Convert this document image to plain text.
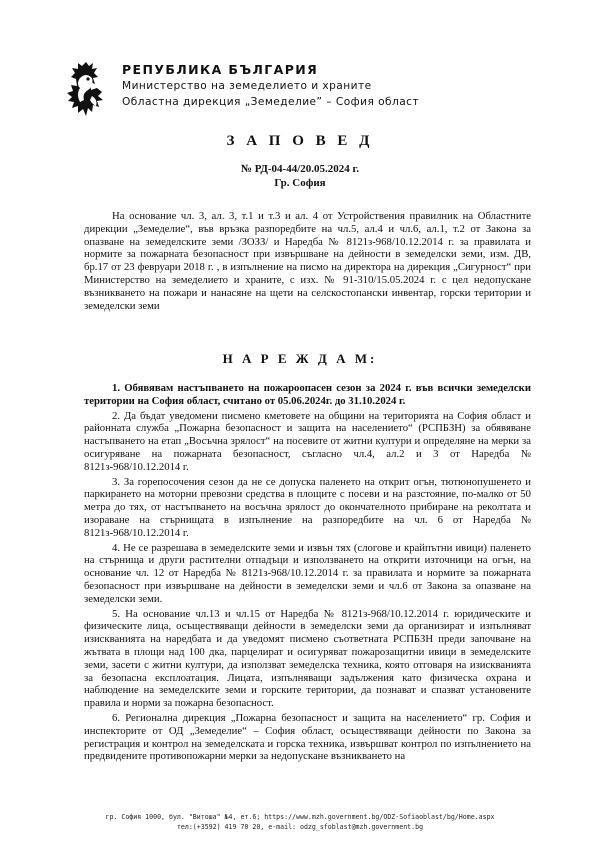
РЕПУБЛИКА БЪЛГАРИЯ
Министерство на земеделието и храните
Областна дирекция „Земеделие” – София област
З А П О В Е Д
№ РД-04-44/20.05.2024 г.
Гр. София

На основание чл. 3, ал. 3, т.1 и т.3 и ал. 4 от Устройствения правилник на Областните дирекции „Земеделие“, във връзка разпоредбите на чл.5, ал.4 и чл.6, ал.1, т.2 от Закона за опазване на земеделските земи /ЗОЗЗ/ и Наредба № 8121з-968/10.12.2014 г. за правилата и нормите за пожарната безопасност при извършване на дейности в земеделски земи, изм. ДВ, бр.17 от 23 февруари 2018 г. , в изпълнение на писмо на директора на дирекция „Сигурност“ при Министерство на земеделието и храните, с изх. № 91-310/15.05.2024 г. с цел недопускане възникването на пожари и нанасяне на щети на селскостопански инвентар, горски територии и земеделски земи

Н А Р Е Ж Д А М:

1. Обявявам настъпването на пожароопасен сезон за 2024 г. във всички земеделски територии на София област, считано от 05.06.2024г. до 31.10.2024 г.

2. Да бъдат уведомени писмено кметовете на общини на територията на София област и районната служба „Пожарна безопасност и защита на населението“ (РСПБЗН) за обявяване настъпването на етап „Восъчна зрялост“ на посевите от житни култури и определяне на мерки за осигуряване на пожарната безопасност, съгласно чл.4, ал.2 и 3 от Наредба № 8121з-968/10.12.2014 г.

3. За горепосочения сезон да не се допуска паленето на открит огън, тютюнопушенето и паркирането на моторни превозни средства в площите с посеви и на разстояние, по-малко от 50 метра до тях, от настъпването на восъчна зрялост до окончателното прибиране на реколтата и изораване на стърнищата в изпълнение на разпоредбите на чл. 6 от Наредба № 8121з-968/10.12.2014 г.

4. Не се разрешава в земеделските земи и извън тях (слогове и крайпътни ивици) паленето на стърнища и други растителни отпадъци и използването на открити източници на огън, на основание чл. 12 от Наредба № 8121з-968/10.12.2014 г. за правилата и нормите за пожарната безопасност при извършване на дейности в земеделски земи и чл.6 от Закона за опазване на земеделски земи.

5. На основание чл.13 и чл.15 от Наредба № 8121з-968/10.12.2014 г. юридическите и физическите лица, осъществяващи дейности в земеделски земи да организират и изпълняват изискванията на наредбата и да уведомят писмено съответната РСПБЗН преди започване на жътвата в площи над 100 дка, парцелират и осигуряват пожарозащитни ивици в земеделските земи, засети с житни култури, да използват земеделска техника, която отговаря на изискванията за безопасна експлоатация. Лицата, изпълняващи задължения като физическа охрана и наблюдение на земеделските земи и горските територии, да познават и спазват установените правила и норми за пожарна безопасност.

6. Регионална дирекция „Пожарна безопасност и защита на населението“ гр. София и инспекторите от ОД „Земеделие“ – София област, осъществяващи дейности по Закона за регистрация и контрол на земеделската и горска техника, извършват контрол по изпълнението на предвидените противопожарни мерки за недопускане възникването на

гр. София 1000, бул. "Витоша" №4, ет.6; https://www.mzh.government.bg/ODZ-Sofiaoblast/bg/Home.aspx
тел:(+3592) 419 70 20, e-mail: odzg_sfoblast@mzh.government.bg
